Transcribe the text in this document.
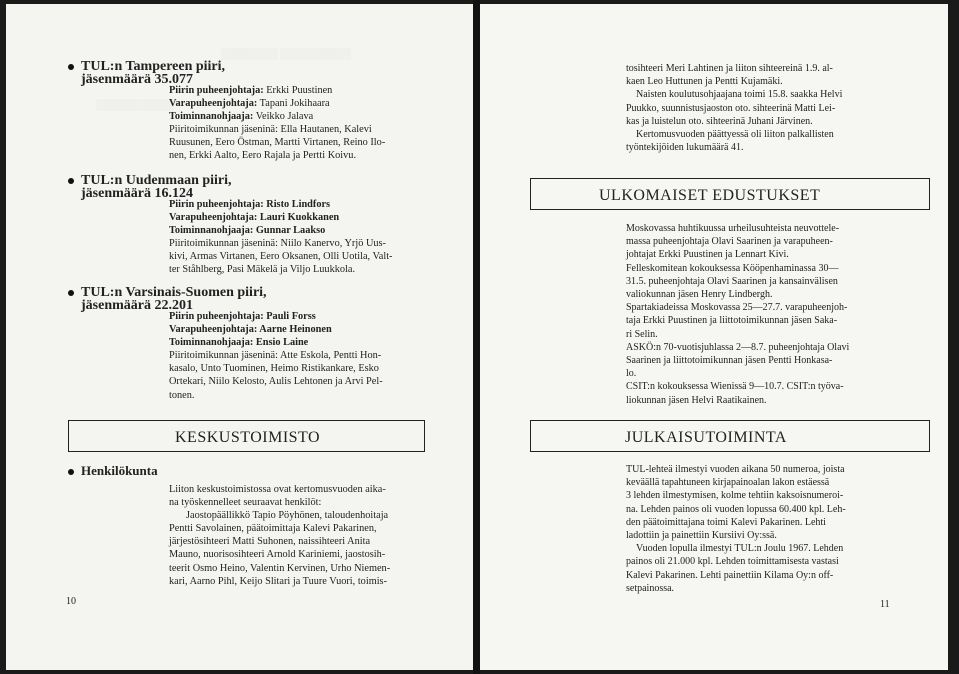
▒▒▒▒▒▒▒▒ ▒▒▒▒▒▒▒▒▒▒
▒▒▒▒▒▒▒▒▒▒▒
TUL:n Tampereen piiri,
jäsenmäärä 35.077
Piirin puheenjohtaja: Erkki Puustinen
Varapuheenjohtaja: Tapani Jokihaara
Toiminnanohjaaja: Veikko Jalava
Piiritoimikunnan jäseninä: Ella Hautanen, Kalevi
Ruusunen, Eero Östman, Martti Virtanen, Reino Ilo-
nen, Erkki Aalto, Eero Rajala ja Pertti Koivu.
TUL:n Uudenmaan piiri,
jäsenmäärä 16.124
Piirin puheenjohtaja: Risto Lindfors
Varapuheenjohtaja: Lauri Kuokkanen
Toiminnanohjaaja: Gunnar Laakso
Piiritoimikunnan jäseninä: Niilo Kanervo, Yrjö Uus-
kivi, Armas Virtanen, Eero Oksanen, Olli Uotila, Valt-
ter Ståhlberg, Pasi Mäkelä ja Viljo Luukkola.
TUL:n Varsinais-Suomen piiri,
jäsenmäärä 22.201
Piirin puheenjohtaja: Pauli Forss
Varapuheenjohtaja: Aarne Heinonen
Toiminnanohjaaja: Ensio Laine
Piiritoimikunnan jäseninä: Atte Eskola, Pentti Hon-
kasalo, Unto Tuominen, Heimo Ristikankare, Esko
Ortekari, Niilo Kelosto, Aulis Lehtonen ja Arvi Pel-
tonen.
KESKUSTOIMISTO
Henkilökunta
Liiton keskustoimistossa ovat kertomusvuoden aika-
na työskennelleet seuraavat henkilöt:
Jaostopäällikkö Tapio Pöyhönen, taloudenhoitaja
Pentti Savolainen, päätoimittaja Kalevi Pakarinen,
järjestösihteeri Matti Suhonen, naissihteeri Anita
Mauno, nuorisosihteeri Arnold Kariniemi, jaostosih-
teerit Osmo Heino, Valentin Kervinen, Urho Niemen-
kari, Aarno Pihl, Keijo Slitari ja Tuure Vuori, toimis-
10
tosihteeri Meri Lahtinen ja liiton sihteereinä 1.9. al-
kaen Leo Huttunen ja Pentti Kujamäki.
Naisten koulutusohjaajana toimi 15.8. saakka Helvi
Puukko, suunnistusjaoston oto. sihteerinä Matti Lei-
kas ja luistelun oto. sihteerinä Juhani Järvinen.
Kertomusvuoden päättyessä oli liiton palkallisten
työntekijöiden lukumäärä 41.
ULKOMAISET EDUSTUKSET
Moskovassa huhtikuussa urheilusuhteista neuvottele-
massa puheenjohtaja Olavi Saarinen ja varapuheen-
johtajat Erkki Puustinen ja Lennart Kivi.
Felleskomitean kokouksessa Kööpenhaminassa 30—
31.5. puheenjohtaja Olavi Saarinen ja kansainvälisen
valiokunnan jäsen Henry Lindbergh.
Spartakiadeissa Moskovassa 25—27.7. varapuheenjoh-
taja Erkki Puustinen ja liittotoimikunnan jäsen Saka-
ri Selin.
ASKÖ:n 70-vuotisjuhlassa 2—8.7. puheenjohtaja Olavi
Saarinen ja liittotoimikunnan jäsen Pentti Honkasa-
lo.
CSIT:n kokouksessa Wienissä 9—10.7. CSIT:n työva-
liokunnan jäsen Helvi Raatikainen.
JULKAISUTOIMINTA
TUL-lehteä ilmestyi vuoden aikana 50 numeroa, joista
keväällä tapahtuneen kirjapainoalan lakon estäessä
3 lehden ilmestymisen, kolme tehtiin kaksoisnumeroi-
na. Lehden painos oli vuoden lopussa 60.400 kpl. Leh-
den päätoimittajana toimi Kalevi Pakarinen. Lehti
ladottiin ja painettiin Kursiivi Oy:ssä.
Vuoden lopulla ilmestyi TUL:n Joulu 1967. Lehden
painos oli 21.000 kpl. Lehden toimittamisesta vastasi
Kalevi Pakarinen. Lehti painettiin Kilama Oy:n off-
setpainossa.
11
